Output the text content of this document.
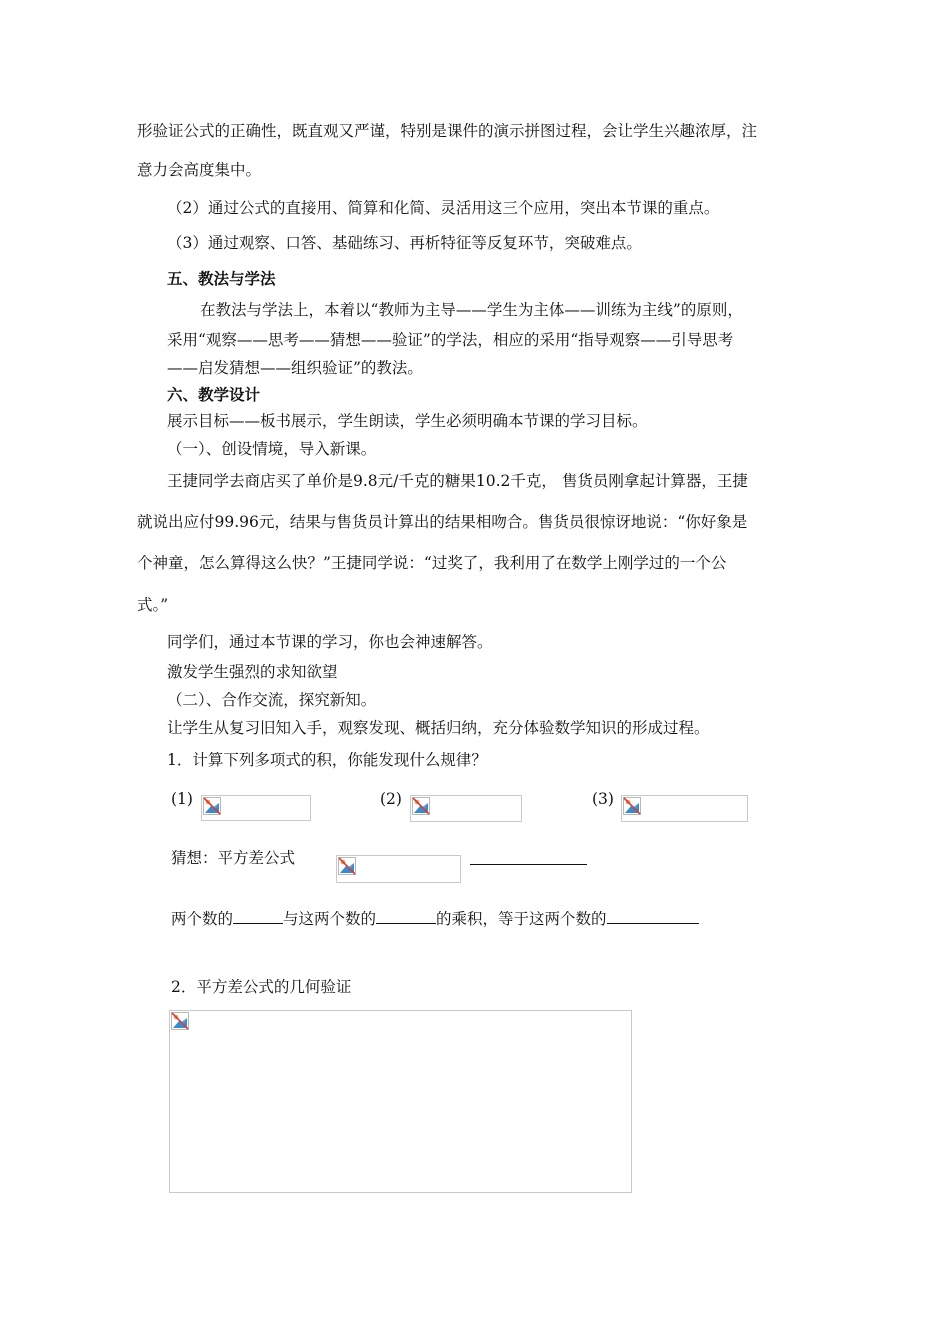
形验证公式的正确性，既直观又严谨，特别是课件的演示拼图过程，会让学生兴趣浓厚，注
意力会高度集中。
（2）通过公式的直接用、简算和化简、灵活用这三个应用，突出本节课的重点。
（3）通过观察、口答、基础练习、再析特征等反复环节，突破难点。
五、教法与学法
在教法与学法上，本着以“教师为主导——学生为主体——训练为主线”的原则，
采用“观察——思考——猜想——验证”的学法，相应的采用“指导观察——引导思考
——启发猜想——组织验证”的教法。
六、教学设计
展示目标——板书展示，学生朗读，学生必须明确本节课的学习目标。
（一）、创设情境，导入新课。
王捷同学去商店买了单价是9.8元/千克的糖果10.2千克， 售货员刚拿起计算器，王捷
就说出应付99.96元，结果与售货员计算出的结果相吻合。售货员很惊讶地说：“你好象是
个神童，怎么算得这么快？”王捷同学说：“过奖了，我利用了在数学上刚学过的一个公
式。”
同学们，通过本节课的学习，你也会神速解答。
激发学生强烈的求知欲望
（二）、合作交流，探究新知。
让学生从复习旧知入手，观察发现、概括归纳，充分体验数学知识的形成过程。
1．计算下列多项式的积，你能发现什么规律？
(1)	(2)	(3)
猜想：平方差公式
两个数的	与这两个数的	的乘积，等于这两个数的
2．平方差公式的几何验证
